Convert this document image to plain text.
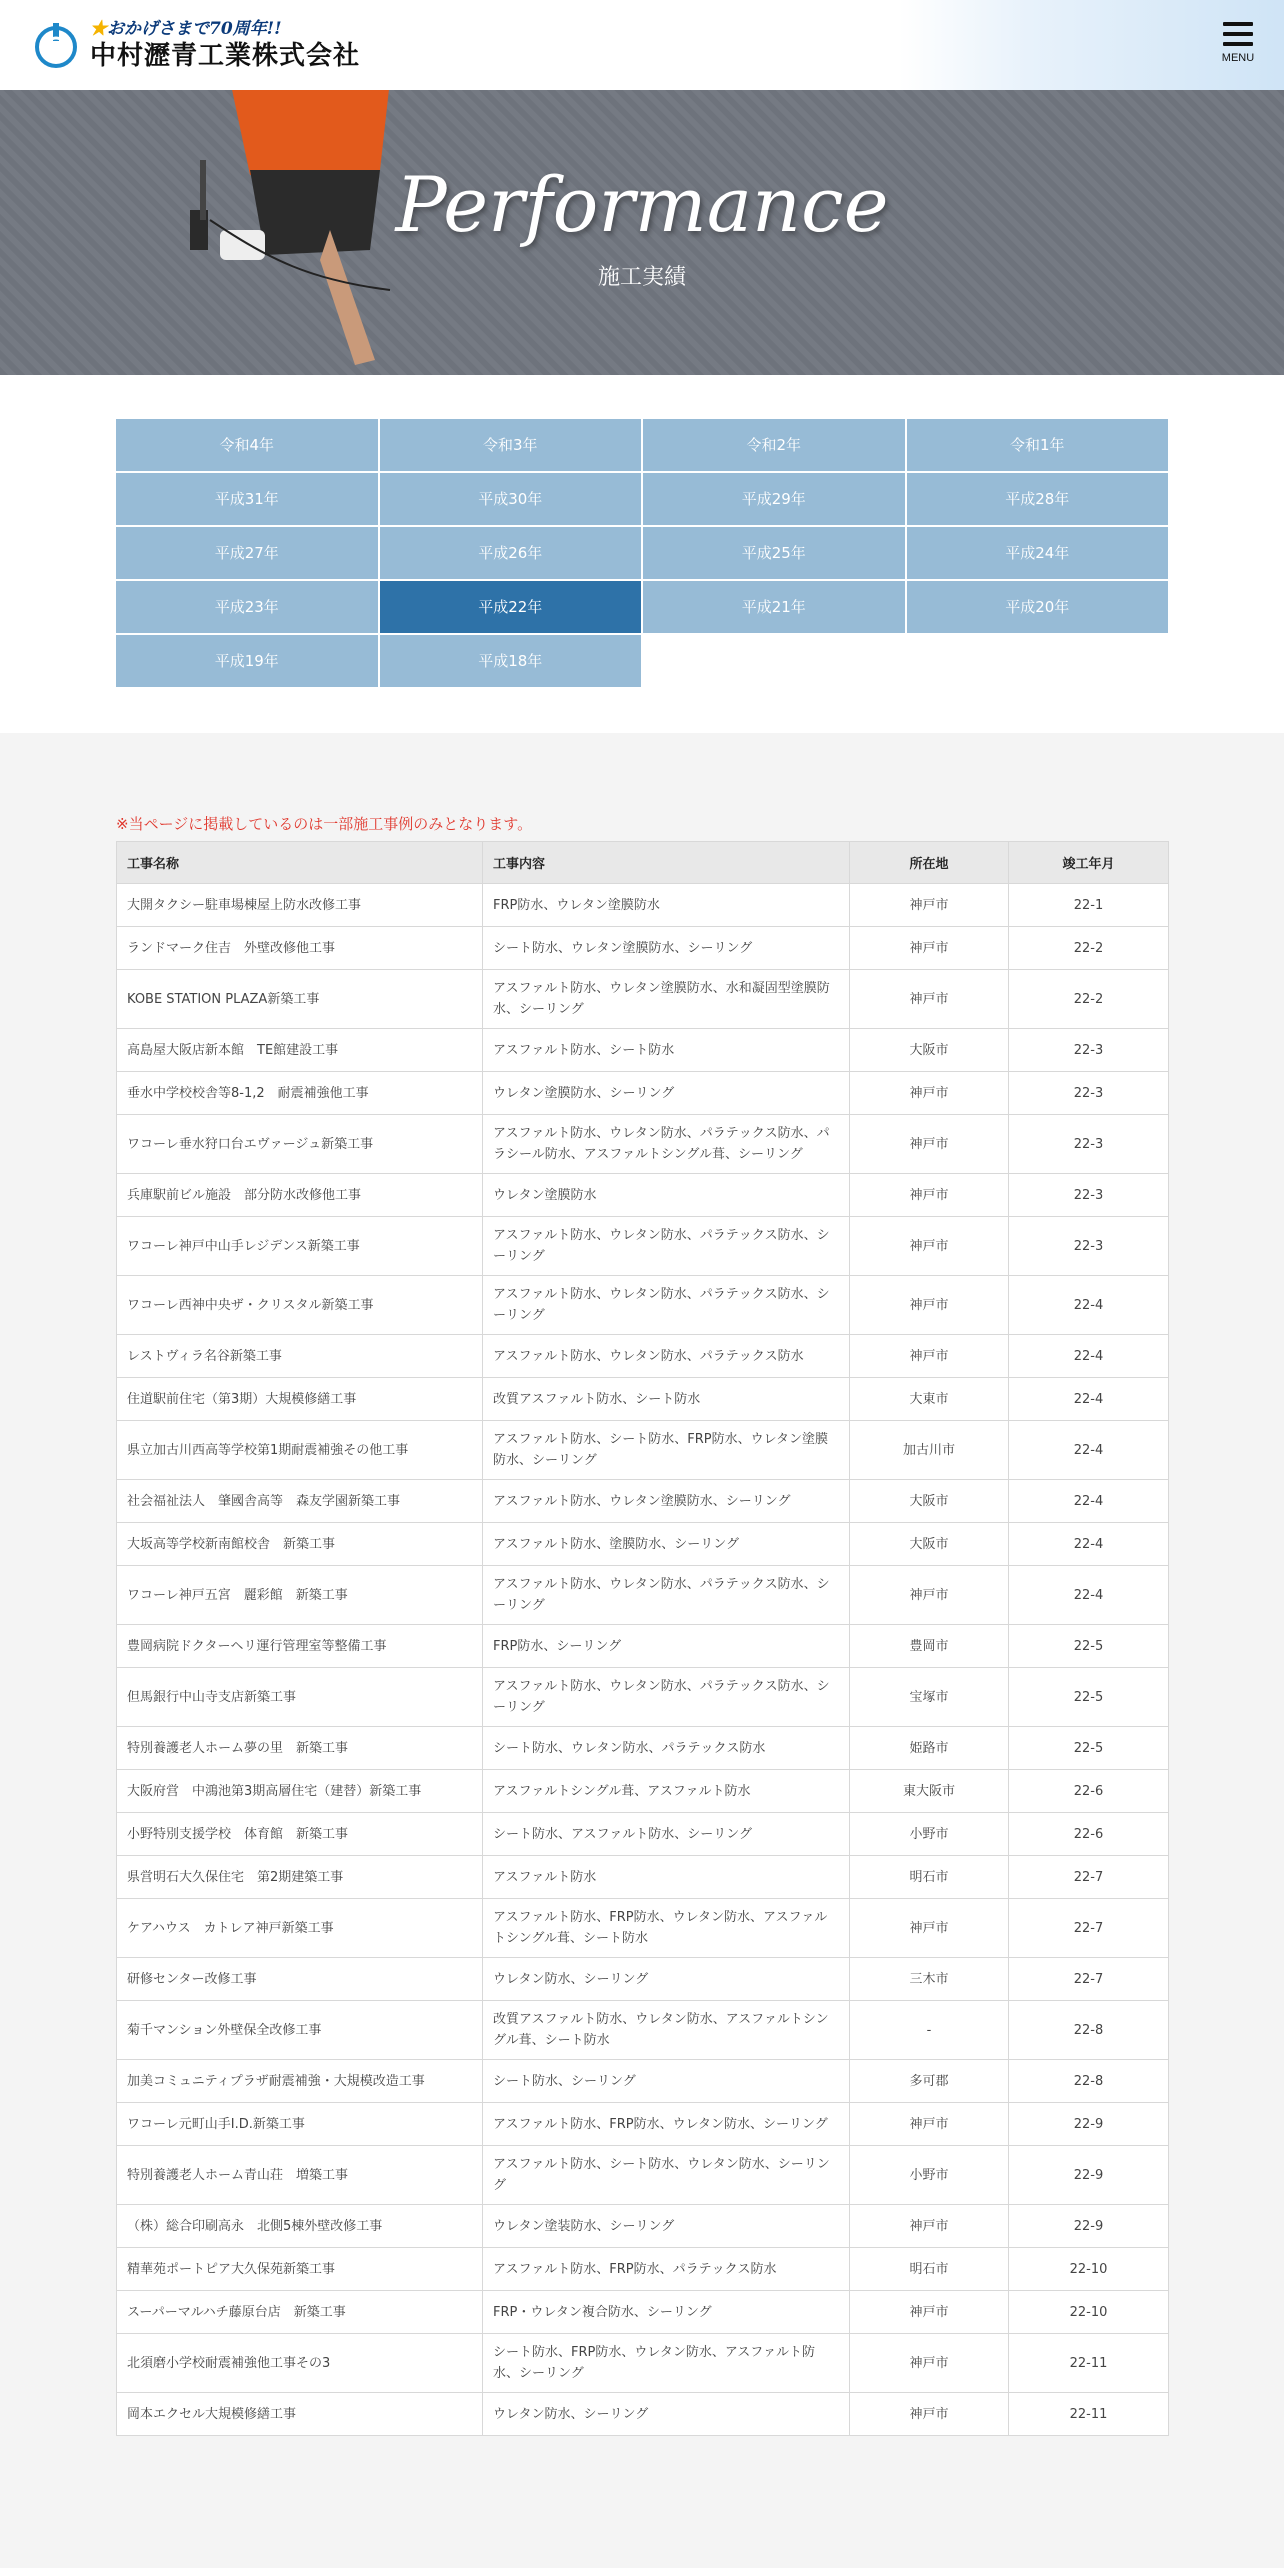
★おかげさまで70周年!!
中村瀝青工業株式会社	MENU
Performance
施工実績
令和4年	令和3年	令和2年	令和1年
平成31年	平成30年	平成29年	平成28年
平成27年	平成26年	平成25年	平成24年
平成23年	平成22年	平成21年	平成20年
平成19年	平成18年
※当ページに掲載しているのは一部施工事例のみとなります。
工事名称	工事内容	所在地	竣工年月
大開タクシー駐車場棟屋上防水改修工事	FRP防水、ウレタン塗膜防水	神戸市	22-1
ランドマーク住吉　外壁改修他工事	シート防水、ウレタン塗膜防水、シーリング	神戸市	22-2
KOBE STATION PLAZA新築工事	アスファルト防水、ウレタン塗膜防水、水和凝固型塗膜防水、シーリング	神戸市	22-2
高島屋大阪店新本館　TE館建設工事	アスファルト防水、シート防水	大阪市	22-3
垂水中学校校舎等8-1,2　耐震補強他工事	ウレタン塗膜防水、シーリング	神戸市	22-3
ワコーレ垂水狩口台エヴァージュ新築工事	アスファルト防水、ウレタン防水、パラテックス防水、パラシール防水、アスファルトシングル葺、シーリング	神戸市	22-3
兵庫駅前ビル施設　部分防水改修他工事	ウレタン塗膜防水	神戸市	22-3
ワコーレ神戸中山手レジデンス新築工事	アスファルト防水、ウレタン防水、パラテックス防水、シーリング	神戸市	22-3
ワコーレ西神中央ザ・クリスタル新築工事	アスファルト防水、ウレタン防水、パラテックス防水、シーリング	神戸市	22-4
レストヴィラ名谷新築工事	アスファルト防水、ウレタン防水、パラテックス防水	神戸市	22-4
住道駅前住宅（第3期）大規模修繕工事	改質アスファルト防水、シート防水	大東市	22-4
県立加古川西高等学校第1期耐震補強その他工事	アスファルト防水、シート防水、FRP防水、ウレタン塗膜防水、シーリング	加古川市	22-4
社会福祉法人　肇國舎高等　森友学園新築工事	アスファルト防水、ウレタン塗膜防水、シーリング	大阪市	22-4
大坂高等学校新南館校舎　新築工事	アスファルト防水、塗膜防水、シーリング	大阪市	22-4
ワコーレ神戸五宮　麗彩館　新築工事	アスファルト防水、ウレタン防水、パラテックス防水、シーリング	神戸市	22-4
豊岡病院ドクターヘリ運行管理室等整備工事	FRP防水、シーリング	豊岡市	22-5
但馬銀行中山寺支店新築工事	アスファルト防水、ウレタン防水、パラテックス防水、シーリング	宝塚市	22-5
特別養護老人ホーム夢の里　新築工事	シート防水、ウレタン防水、パラテックス防水	姫路市	22-5
大阪府営　中鴻池第3期高層住宅（建替）新築工事	アスファルトシングル葺、アスファルト防水	東大阪市	22-6
小野特別支援学校　体育館　新築工事	シート防水、アスファルト防水、シーリング	小野市	22-6
県営明石大久保住宅　第2期建築工事	アスファルト防水	明石市	22-7
ケアハウス　カトレア神戸新築工事	アスファルト防水、FRP防水、ウレタン防水、アスファルトシングル葺、シート防水	神戸市	22-7
研修センター改修工事	ウレタン防水、シーリング	三木市	22-7
菊千マンション外壁保全改修工事	改質アスファルト防水、ウレタン防水、アスファルトシングル葺、シート防水	-	22-8
加美コミュニティプラザ耐震補強・大規模改造工事	シート防水、シーリング	多可郡	22-8
ワコーレ元町山手I.D.新築工事	アスファルト防水、FRP防水、ウレタン防水、シーリング	神戸市	22-9
特別養護老人ホーム青山荘　増築工事	アスファルト防水、シート防水、ウレタン防水、シーリング	小野市	22-9
（株）総合印刷高永　北側5棟外壁改修工事	ウレタン塗装防水、シーリング	神戸市	22-9
精華苑ポートピア大久保苑新築工事	アスファルト防水、FRP防水、パラテックス防水	明石市	22-10
スーパーマルハチ藤原台店　新築工事	FRP・ウレタン複合防水、シーリング	神戸市	22-10
北須磨小学校耐震補強他工事その3	シート防水、FRP防水、ウレタン防水、アスファルト防水、シーリング	神戸市	22-11
岡本エクセル大規模修繕工事	ウレタン防水、シーリング	神戸市	22-11
